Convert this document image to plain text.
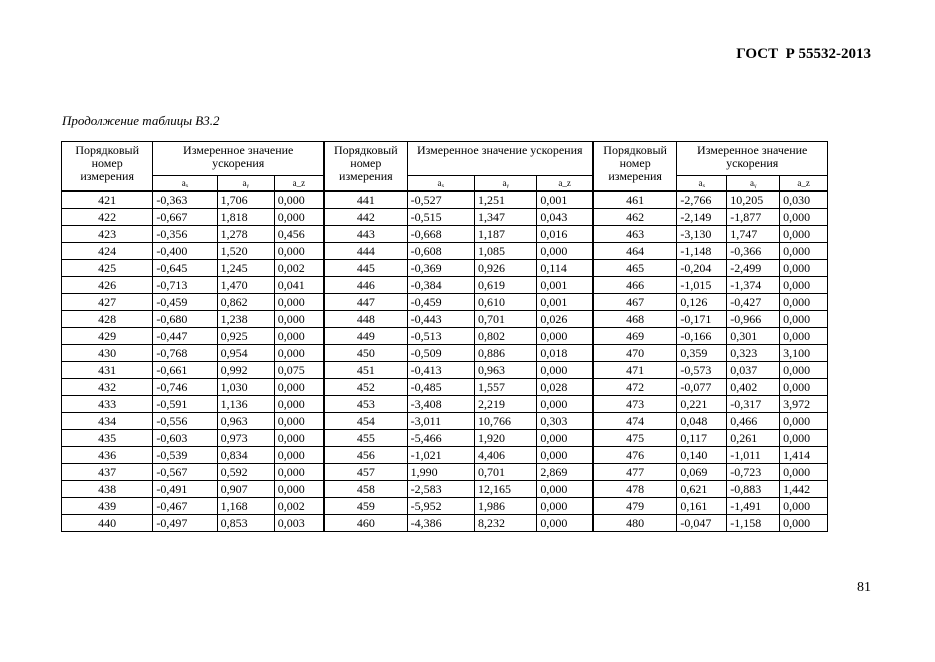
ГОСТ  Р 55532-2013
Продолжение таблицы В3.2
Порядковый номер измерения	Измеренное значение ускорения			Порядковый номер измерения	Измеренное значение ускорения			Порядковый номер измерения	Измеренное значение ускорения		
	aₓ	aᵧ	a_z		aₓ	aᵧ	a_z		aₓ	aᵧ	a_z
421	-0,363	1,706	0,000	441	-0,527	1,251	0,001	461	-2,766	10,205	0,030
422	-0,667	1,818	0,000	442	-0,515	1,347	0,043	462	-2,149	-1,877	0,000
423	-0,356	1,278	0,456	443	-0,668	1,187	0,016	463	-3,130	1,747	0,000
424	-0,400	1,520	0,000	444	-0,608	1,085	0,000	464	-1,148	-0,366	0,000
425	-0,645	1,245	0,002	445	-0,369	0,926	0,114	465	-0,204	-2,499	0,000
426	-0,713	1,470	0,041	446	-0,384	0,619	0,001	466	-1,015	-1,374	0,000
427	-0,459	0,862	0,000	447	-0,459	0,610	0,001	467	0,126	-0,427	0,000
428	-0,680	1,238	0,000	448	-0,443	0,701	0,026	468	-0,171	-0,966	0,000
429	-0,447	0,925	0,000	449	-0,513	0,802	0,000	469	-0,166	0,301	0,000
430	-0,768	0,954	0,000	450	-0,509	0,886	0,018	470	0,359	0,323	3,100
431	-0,661	0,992	0,075	451	-0,413	0,963	0,000	471	-0,573	0,037	0,000
432	-0,746	1,030	0,000	452	-0,485	1,557	0,028	472	-0,077	0,402	0,000
433	-0,591	1,136	0,000	453	-3,408	2,219	0,000	473	0,221	-0,317	3,972
434	-0,556	0,963	0,000	454	-3,011	10,766	0,303	474	0,048	0,466	0,000
435	-0,603	0,973	0,000	455	-5,466	1,920	0,000	475	0,117	0,261	0,000
436	-0,539	0,834	0,000	456	-1,021	4,406	0,000	476	0,140	-1,011	1,414
437	-0,567	0,592	0,000	457	1,990	0,701	2,869	477	0,069	-0,723	0,000
438	-0,491	0,907	0,000	458	-2,583	12,165	0,000	478	0,621	-0,883	1,442
439	-0,467	1,168	0,002	459	-5,952	1,986	0,000	479	0,161	-1,491	0,000
440	-0,497	0,853	0,003	460	-4,386	8,232	0,000	480	-0,047	-1,158	0,000
81
